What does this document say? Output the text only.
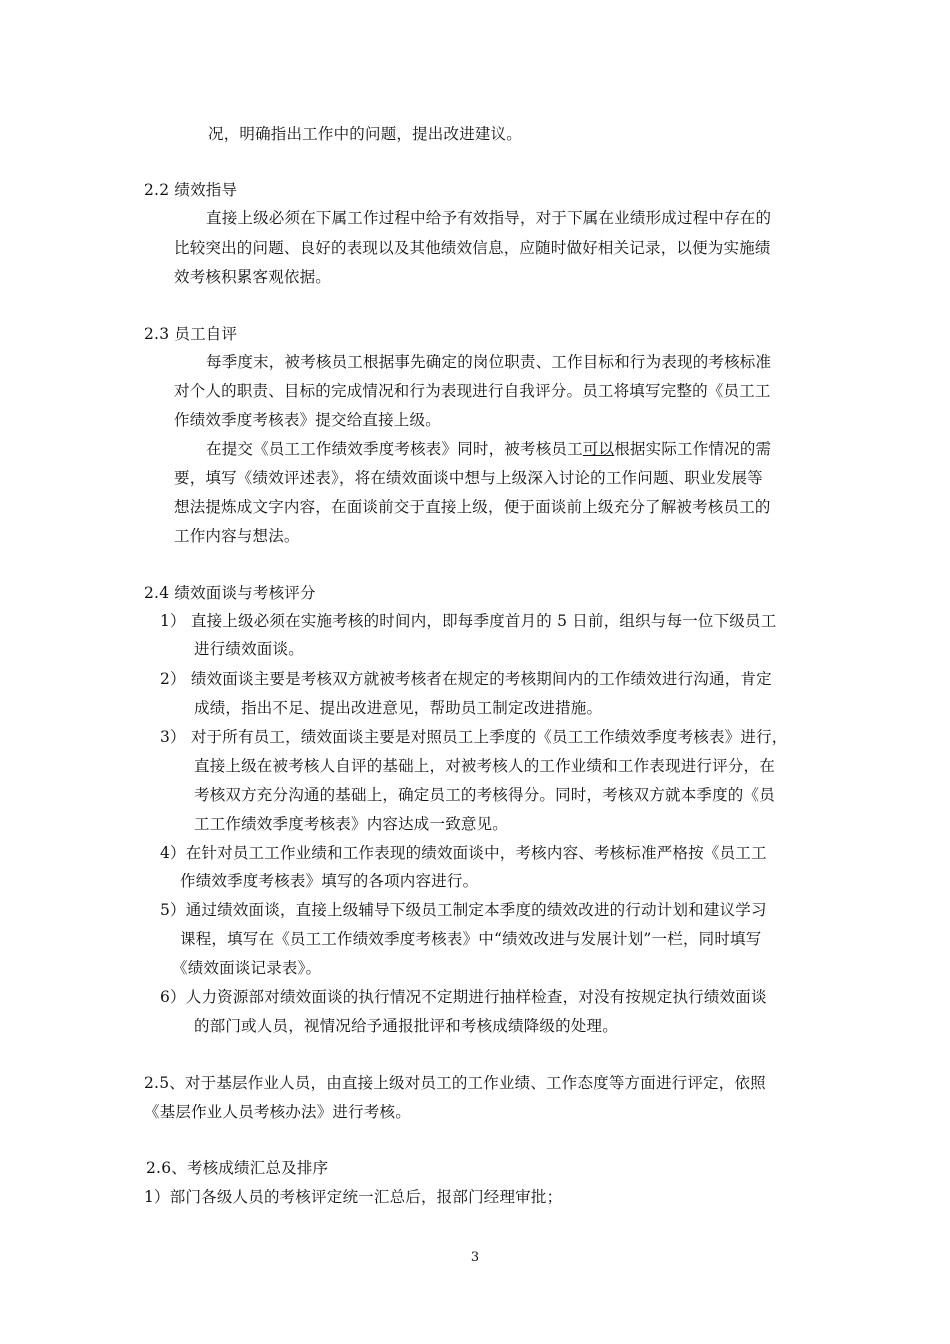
况，明确指出工作中的问题，提出改进建议。
2.2 绩效指导
直接上级必须在下属工作过程中给予有效指导，对于下属在业绩形成过程中存在的
比较突出的问题、良好的表现以及其他绩效信息，应随时做好相关记录，以便为实施绩
效考核积累客观依据。
2.3 员工自评
每季度末，被考核员工根据事先确定的岗位职责、工作目标和行为表现的考核标准
对个人的职责、目标的完成情况和行为表现进行自我评分。员工将填写完整的《员工工
作绩效季度考核表》提交给直接上级。
在提交《员工工作绩效季度考核表》同时，被考核员工可以根据实际工作情况的需
要，填写《绩效评述表》，将在绩效面谈中想与上级深入讨论的工作问题、职业发展等
想法提炼成文字内容，在面谈前交于直接上级，便于面谈前上级充分了解被考核员工的
工作内容与想法。
2.4 绩效面谈与考核评分
1） 直接上级必须在实施考核的时间内，即每季度首月的 5 日前，组织与每一位下级员工
进行绩效面谈。
2） 绩效面谈主要是考核双方就被考核者在规定的考核期间内的工作绩效进行沟通，肯定
成绩，指出不足、提出改进意见，帮助员工制定改进措施。
3） 对于所有员工，绩效面谈主要是对照员工上季度的《员工工作绩效季度考核表》进行，
直接上级在被考核人自评的基础上，对被考核人的工作业绩和工作表现进行评分，在
考核双方充分沟通的基础上，确定员工的考核得分。同时，考核双方就本季度的《员
工工作绩效季度考核表》内容达成一致意见。
4）在针对员工工作业绩和工作表现的绩效面谈中，考核内容、考核标准严格按《员工工
作绩效季度考核表》填写的各项内容进行。
5）通过绩效面谈，直接上级辅导下级员工制定本季度的绩效改进的行动计划和建议学习
课程，填写在《员工工作绩效季度考核表》中“绩效改进与发展计划”一栏，同时填写
《绩效面谈记录表》。
6）人力资源部对绩效面谈的执行情况不定期进行抽样检查，对没有按规定执行绩效面谈
的部门或人员，视情况给予通报批评和考核成绩降级的处理。
2.5、对于基层作业人员，由直接上级对员工的工作业绩、工作态度等方面进行评定，依照
《基层作业人员考核办法》进行考核。
2.6、考核成绩汇总及排序
1）部门各级人员的考核评定统一汇总后，报部门经理审批；
3
